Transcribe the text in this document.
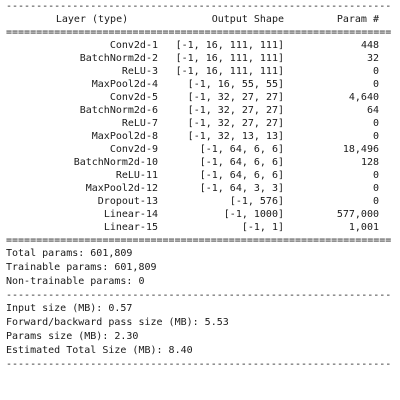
----------------------------------------------------------------
Layer (type)	Output Shape	Param #
================================================================
Conv2d-1	[-1, 16, 111, 111]	448
BatchNorm2d-2	[-1, 16, 111, 111]	32
ReLU-3	[-1, 16, 111, 111]	0
MaxPool2d-4	[-1, 16, 55, 55]	0
Conv2d-5	[-1, 32, 27, 27]	4,640
BatchNorm2d-6	[-1, 32, 27, 27]	64
ReLU-7	[-1, 32, 27, 27]	0
MaxPool2d-8	[-1, 32, 13, 13]	0
Conv2d-9	[-1, 64, 6, 6]	18,496
BatchNorm2d-10	[-1, 64, 6, 6]	128
ReLU-11	[-1, 64, 6, 6]	0
MaxPool2d-12	[-1, 64, 3, 3]	0
Dropout-13	[-1, 576]	0
Linear-14	[-1, 1000]	577,000
Linear-15	[-1, 1]	1,001
================================================================
Total params: 601,809
Trainable params: 601,809
Non-trainable params: 0
----------------------------------------------------------------
Input size (MB): 0.57
Forward/backward pass size (MB): 5.53
Params size (MB): 2.30
Estimated Total Size (MB): 8.40
----------------------------------------------------------------
